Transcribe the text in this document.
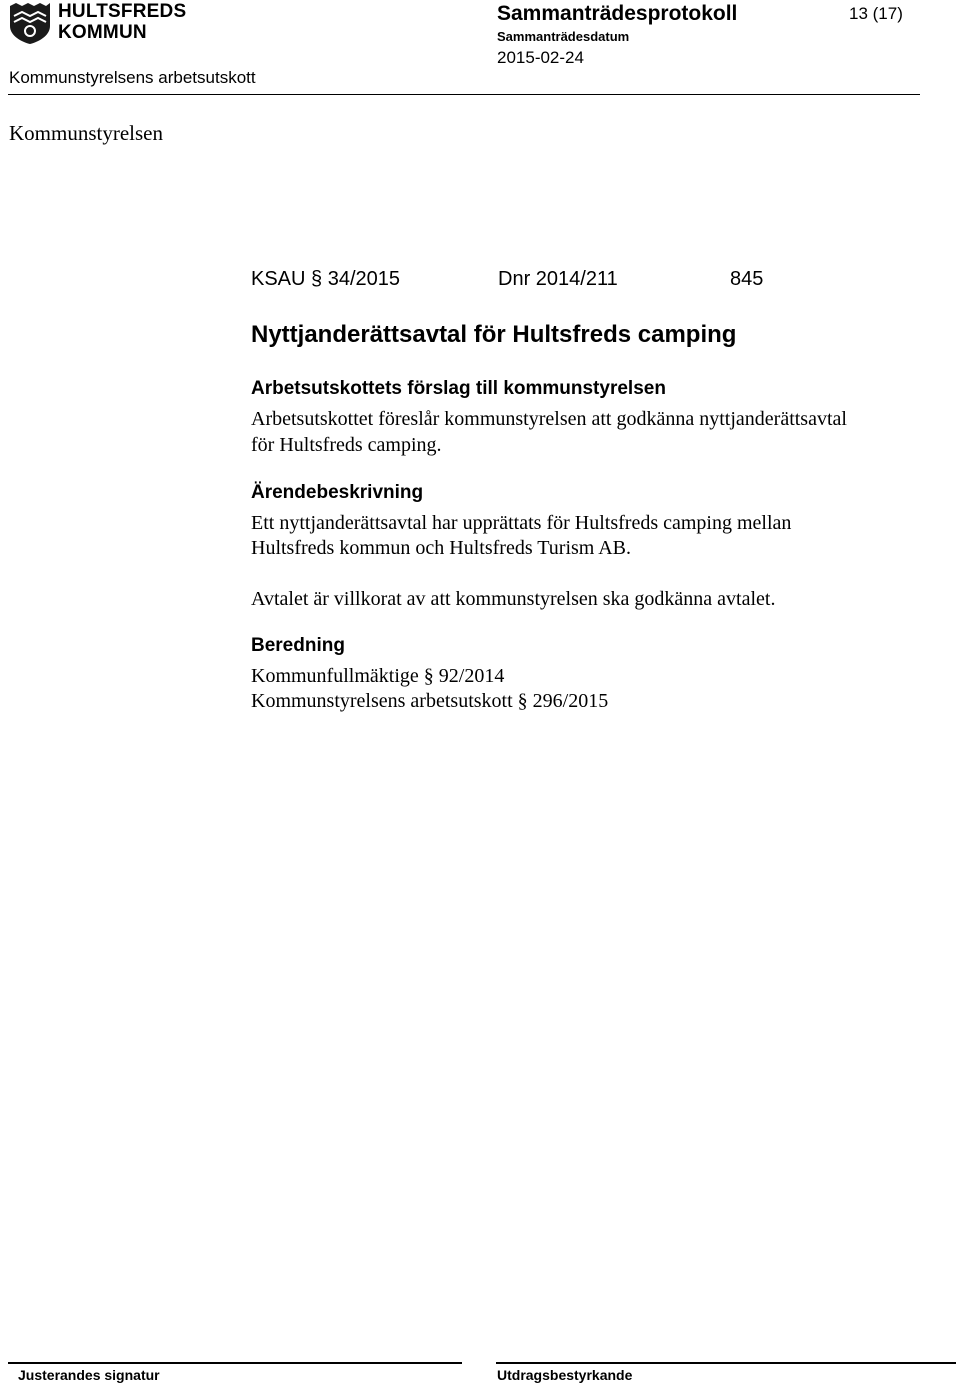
HULTSFREDS
KOMMUN
Sammanträdesprotokoll
Sammanträdesdatum
2015-02-24
13 (17)
Kommunstyrelsens arbetsutskott
Kommunstyrelsen
KSAU § 34/2015	Dnr 2014/211	845
Nyttjanderättsavtal för Hultsfreds camping
Arbetsutskottets förslag till kommunstyrelsen
Arbetsutskottet föreslår kommunstyrelsen att godkänna nyttjanderättsavtal
för Hultsfreds camping.
Ärendebeskrivning
Ett nyttjanderättsavtal har upprättats för Hultsfreds camping mellan
Hultsfreds kommun och Hultsfreds Turism AB.
Avtalet är villkorat av att kommunstyrelsen ska godkänna avtalet.
Beredning
Kommunfullmäktige § 92/2014
Kommunstyrelsens arbetsutskott § 296/2015
Justerandes signatur	Utdragsbestyrkande
